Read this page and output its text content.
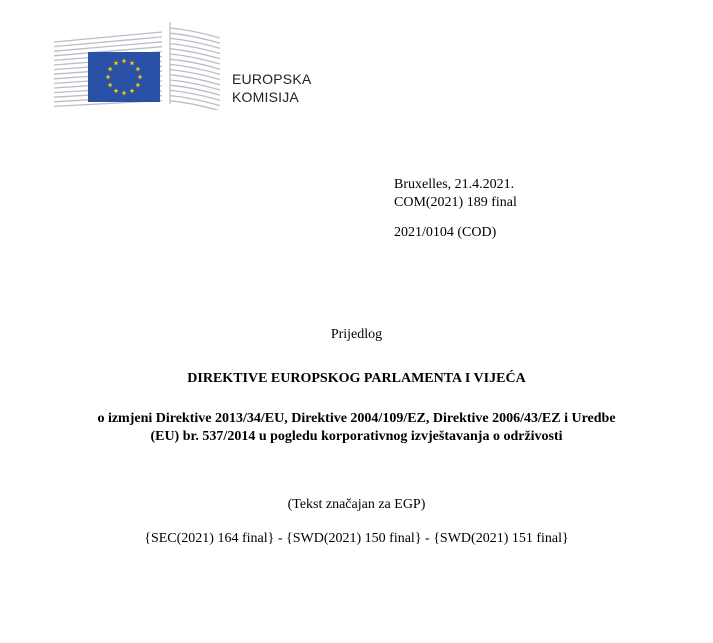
EUROPSKA
KOMISIJA
Bruxelles, 21.4.2021.
COM(2021) 189 final
2021/0104 (COD)
Prijedlog
DIREKTIVE EUROPSKOG PARLAMENTA I VIJEĆA
o izmjeni Direktive 2013/34/EU, Direktive 2004/109/EZ, Direktive 2006/43/EZ i Uredbe
(EU) br. 537/2014 u pogledu korporativnog izvještavanja o održivosti
(Tekst značajan za EGP)
{SEC(2021) 164 final} - {SWD(2021) 150 final} - {SWD(2021) 151 final}
